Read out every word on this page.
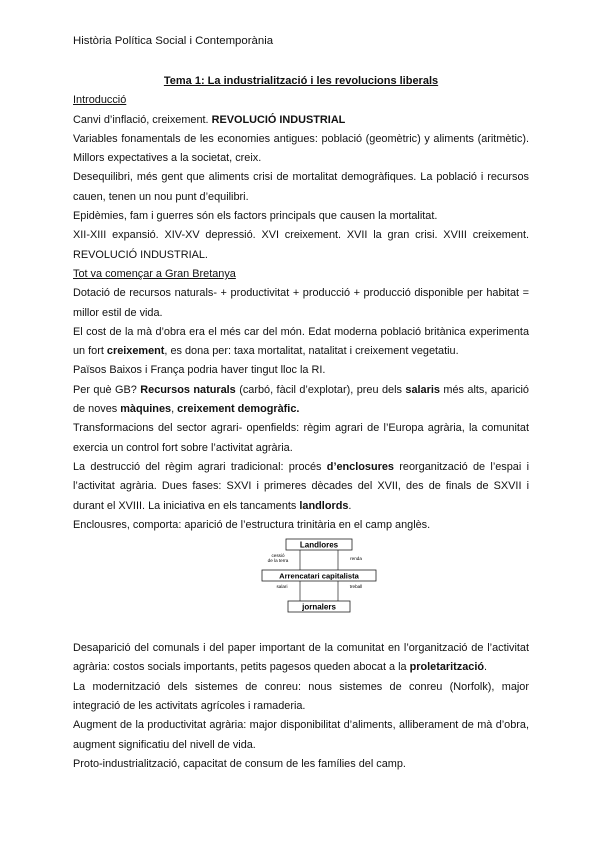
Història Política Social i Contemporània

Tema 1: La industrialització i les revolucions liberals

Introducció

Canvi d’inflació, creixement. REVOLUCIÓ INDUSTRIAL

Variables fonamentals de les economies antigues: població (geomètric) y aliments (aritmètic). Millors expectatives a la societat, creix.

Desequilibri, més gent que aliments crisi de mortalitat demogràfiques. La població i recursos cauen, tenen un nou punt d’equilibri.

Epidèmies, fam i guerres són els factors principals que causen la mortalitat.

XII-XIII expansió. XIV-XV depressió. XVI creixement. XVII la gran crisi. XVIII creixement. REVOLUCIÓ INDUSTRIAL.

Tot va començar a Gran Bretanya

Dotació de recursos naturals- + productivitat + producció + producció disponible per habitat = millor estil de vida.

El cost de la mà d’obra era el més car del món. Edat moderna població britànica experimenta un fort creixement, es dona per: taxa mortalitat, natalitat i creixement vegetatiu.

Països Baixos i França podria haver tingut lloc la RI.

Per què GB? Recursos naturals (carbó, fàcil d’explotar), preu dels salaris més alts, aparició de noves màquines, creixement demogràfic.

Transformacions del sector agrari- openfields: règim agrari de l’Europa agrària, la comunitat exercia un control fort sobre l’activitat agrària.

La destrucció del règim agrari tradicional: procés d’enclosures reorganització de l’espai i l’activitat agrària. Dues fases: SXVI i primeres dècades del XVII, des de finals de SXVII i durant el XVIII. La iniciativa en els tancaments landlords.

Enclousres, comporta: aparició de l’estructura trinitària en el camp anglès.

Landlores
cessió
de la terra	renda
Arrencatari capitalista
salari	treball
jornalers

Desaparició del comunals i del paper important de la comunitat en l’organització de l’activitat agrària: costos socials importants, petits pagesos queden abocat a la proletarització.

La modernització dels sistemes de conreu: nous sistemes de conreu (Norfolk), major integració de les activitats agrícoles i ramaderia.

Augment de la productivitat agrària: major disponibilitat d’aliments, alliberament de mà d’obra, augment significatiu del nivell de vida.

Proto-industrialització, capacitat de consum de les famílies del camp.
